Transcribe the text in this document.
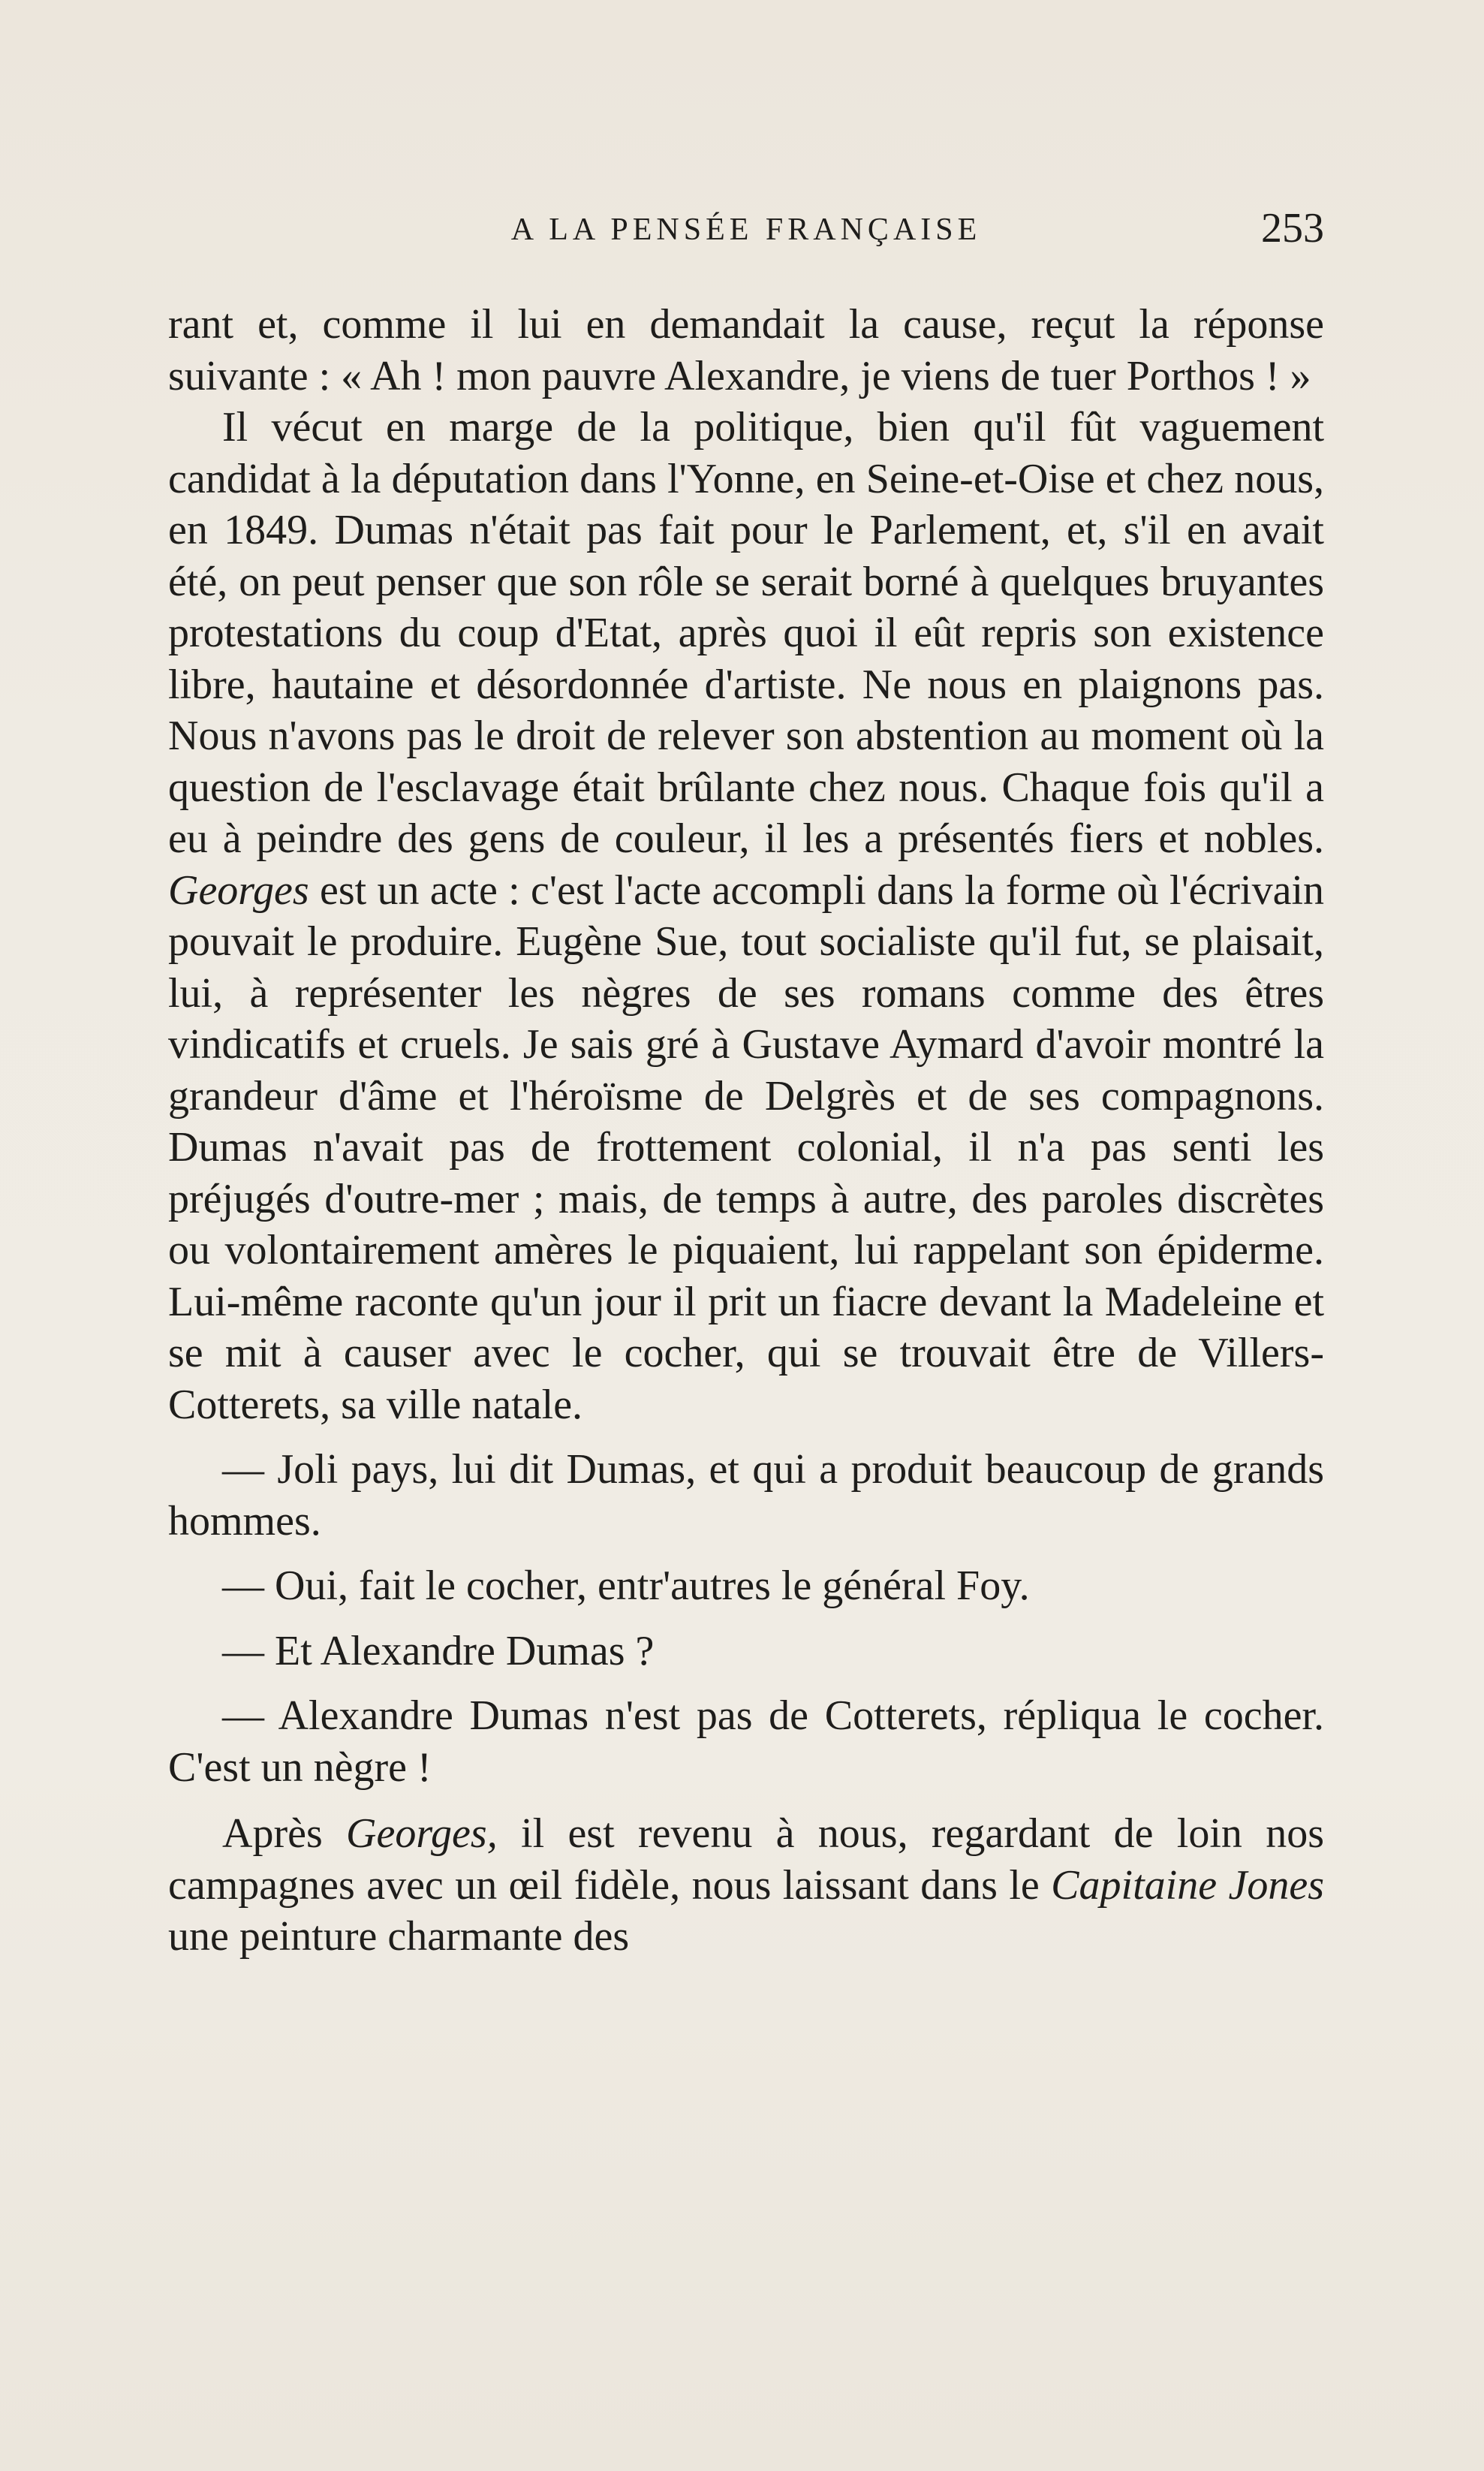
A LA PENSÉE FRANÇAISE	253

rant et, comme il lui en demandait la cause, reçut la réponse suivante : « Ah ! mon pauvre Alexandre, je viens de tuer Porthos ! »

Il vécut en marge de la politique, bien qu'il fût vaguement candidat à la députation dans l'Yonne, en Seine-et-Oise et chez nous, en 1849. Dumas n'était pas fait pour le Parlement, et, s'il en avait été, on peut penser que son rôle se serait borné à quelques bruyantes protestations du coup d'Etat, après quoi il eût repris son existence libre, hautaine et désordonnée d'artiste. Ne nous en plaignons pas. Nous n'avons pas le droit de relever son abstention au moment où la question de l'esclavage était brûlante chez nous. Chaque fois qu'il a eu à peindre des gens de couleur, il les a présentés fiers et nobles. Georges est un acte : c'est l'acte accompli dans la forme où l'écrivain pouvait le produire. Eugène Sue, tout socialiste qu'il fut, se plaisait, lui, à représenter les nègres de ses romans comme des êtres vindicatifs et cruels. Je sais gré à Gustave Aymard d'avoir montré la grandeur d'âme et l'héroïsme de Delgrès et de ses compagnons. Dumas n'avait pas de frottement colonial, il n'a pas senti les préjugés d'outre-mer ; mais, de temps à autre, des paroles discrètes ou volontairement amères le piquaient, lui rappelant son épiderme. Lui-même raconte qu'un jour il prit un fiacre devant la Madeleine et se mit à causer avec le cocher, qui se trouvait être de Villers-Cotterets, sa ville natale.

— Joli pays, lui dit Dumas, et qui a produit beaucoup de grands hommes.

— Oui, fait le cocher, entr'autres le général Foy.

— Et Alexandre Dumas ?

— Alexandre Dumas n'est pas de Cotterets, répliqua le cocher. C'est un nègre !

Après Georges, il est revenu à nous, regardant de loin nos campagnes avec un œil fidèle, nous laissant dans le Capitaine Jones une peinture charmante des
